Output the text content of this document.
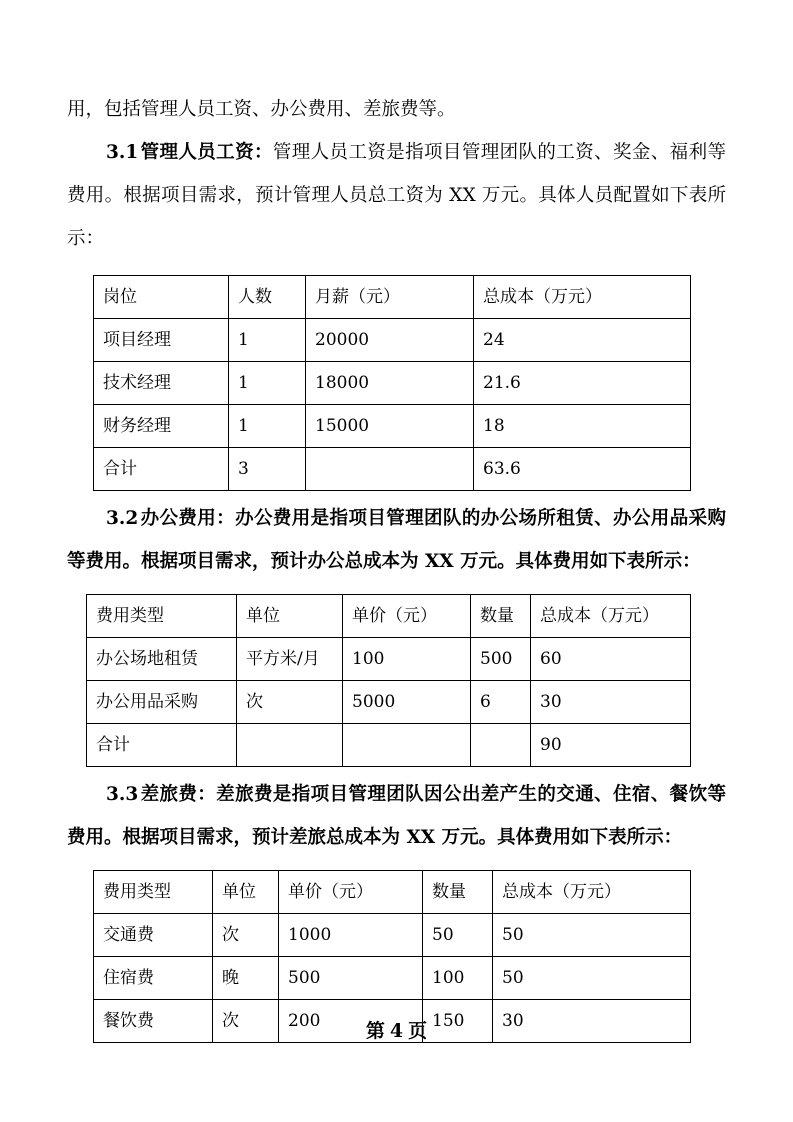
用，包括管理人员工资、办公费用、差旅费等。

3.1 管理人员工资：管理人员工资是指项目管理团队的工资、奖金、福利等费用。根据项目需求，预计管理人员总工资为 XX 万元。具体人员配置如下表所示：

岗位	人数	月薪（元）	总成本（万元）
项目经理	1	20000	24
技术经理	1	18000	21.6
财务经理	1	15000	18
合计	3		63.6

3.2 办公费用：办公费用是指项目管理团队的办公场所租赁、办公用品采购等费用。根据项目需求，预计办公总成本为 XX 万元。具体费用如下表所示：

费用类型	单位	单价（元）	数量	总成本（万元）
办公场地租赁	平方米/月	100	500	60
办公用品采购	次	5000	6	30
合计				90

3.3 差旅费：差旅费是指项目管理团队因公出差产生的交通、住宿、餐饮等费用。根据项目需求，预计差旅总成本为 XX 万元。具体费用如下表所示：

费用类型	单位	单价（元）	数量	总成本（万元）
交通费	次	1000	50	50
住宿费	晚	500	100	50
餐饮费	次	200	150	30
第 4 页
